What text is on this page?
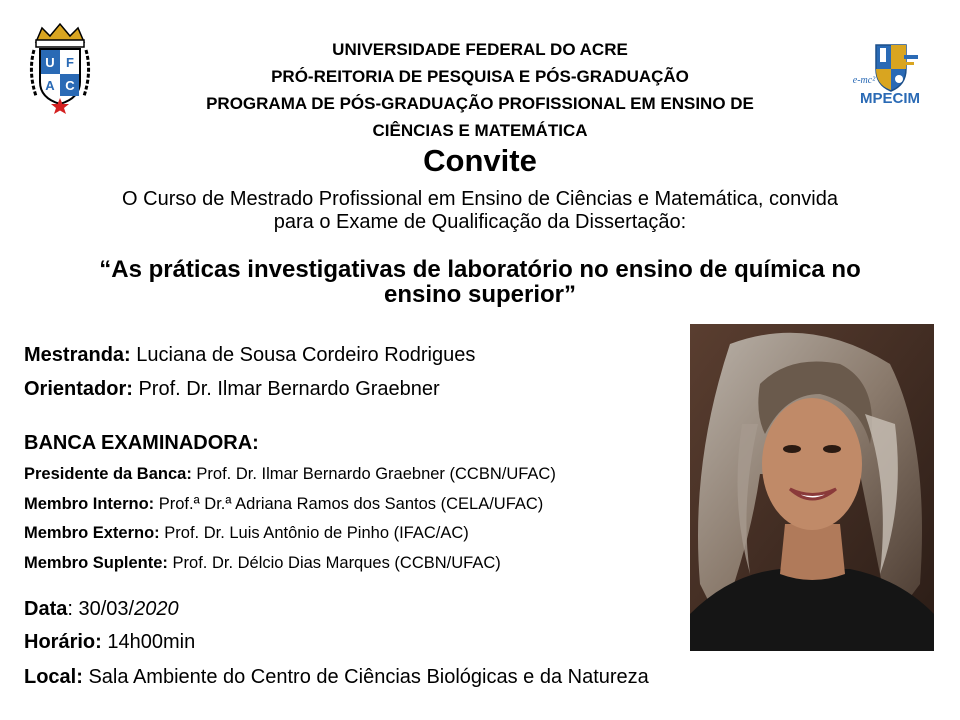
U F
A C
UNIVERSIDADE FEDERAL DO ACRE
PRÓ-REITORIA DE PESQUISA E PÓS-GRADUAÇÃO
PROGRAMA DE PÓS-GRADUAÇÃO PROFISSIONAL EM ENSINO DE
CIÊNCIAS E MATEMÁTICA
e-mc²
MPECIM
Convite
O Curso de Mestrado Profissional em Ensino de Ciências e Matemática, convida
para o Exame de Qualificação da Dissertação:
“As práticas investigativas de laboratório no ensino de química no
ensino superior”
Mestranda: Luciana de Sousa Cordeiro Rodrigues
Orientador: Prof. Dr. Ilmar Bernardo Graebner
BANCA EXAMINADORA:
Presidente da Banca: Prof. Dr. Ilmar Bernardo Graebner (CCBN/UFAC)
Membro Interno: Prof.ª Dr.ª Adriana Ramos dos Santos (CELA/UFAC)
Membro Externo: Prof. Dr. Luis Antônio de Pinho (IFAC/AC)
Membro Suplente: Prof. Dr. Délcio Dias Marques (CCBN/UFAC)
Data: 30/03/2020
Horário: 14h00min
Local: Sala Ambiente do Centro de Ciências Biológicas e da Natureza
